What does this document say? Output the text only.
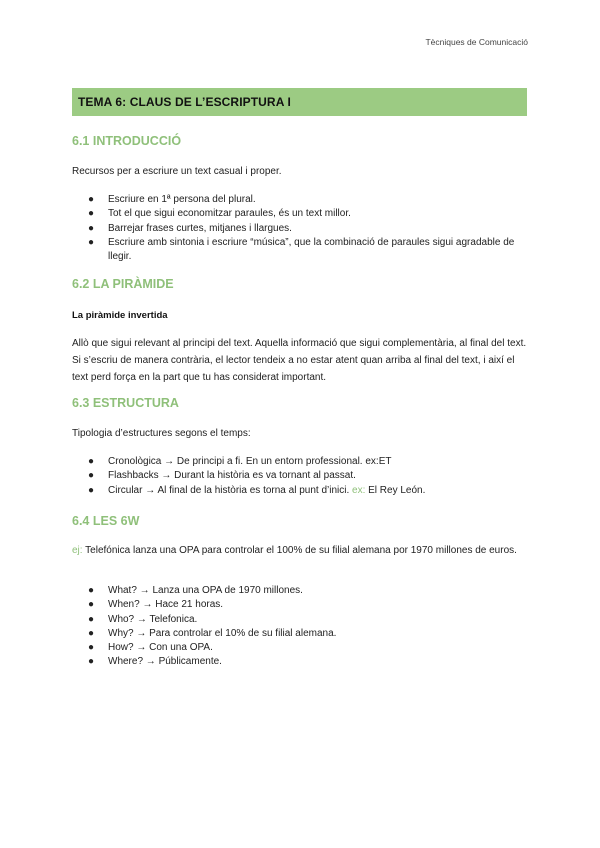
Tècniques de Comunicació
TEMA 6: CLAUS DE L’ESCRIPTURA I
6.1 INTRODUCCIÓ
Recursos per a escriure un text casual i proper.
● Escriure en 1ª persona del plural.
● Tot el que sigui economitzar paraules, és un text millor.
● Barrejar frases curtes, mitjanes i llargues.
● Escriure amb sintonia i escriure “música”, que la combinació de paraules sigui agradable de llegir.
6.2 LA PIRÀMIDE
La piràmide invertida
Allò que sigui relevant al principi del text. Aquella informació que sigui complementària, al final del text. Si s’escriu de manera contrària, el lector tendeix a no estar atent quan arriba al final del text, i així el text perd força en la part que tu has considerat important.
6.3 ESTRUCTURA
Tipologia d’estructures segons el temps:
● Cronològica → De principi a fi. En un entorn professional. ex:ET
● Flashbacks → Durant la història es va tornant al passat.
● Circular → Al final de la història es torna al punt d’inici. ex: El Rey León.
6.4 LES 6W
ej: Telefónica lanza una OPA para controlar el 100% de su filial alemana por 1970 millones de euros.
● What? → Lanza una OPA de 1970 millones.
● When? → Hace 21 horas.
● Who? → Telefonica.
● Why? → Para controlar el 10% de su filial alemana.
● How? → Con una OPA.
● Where? → Públicamente.
